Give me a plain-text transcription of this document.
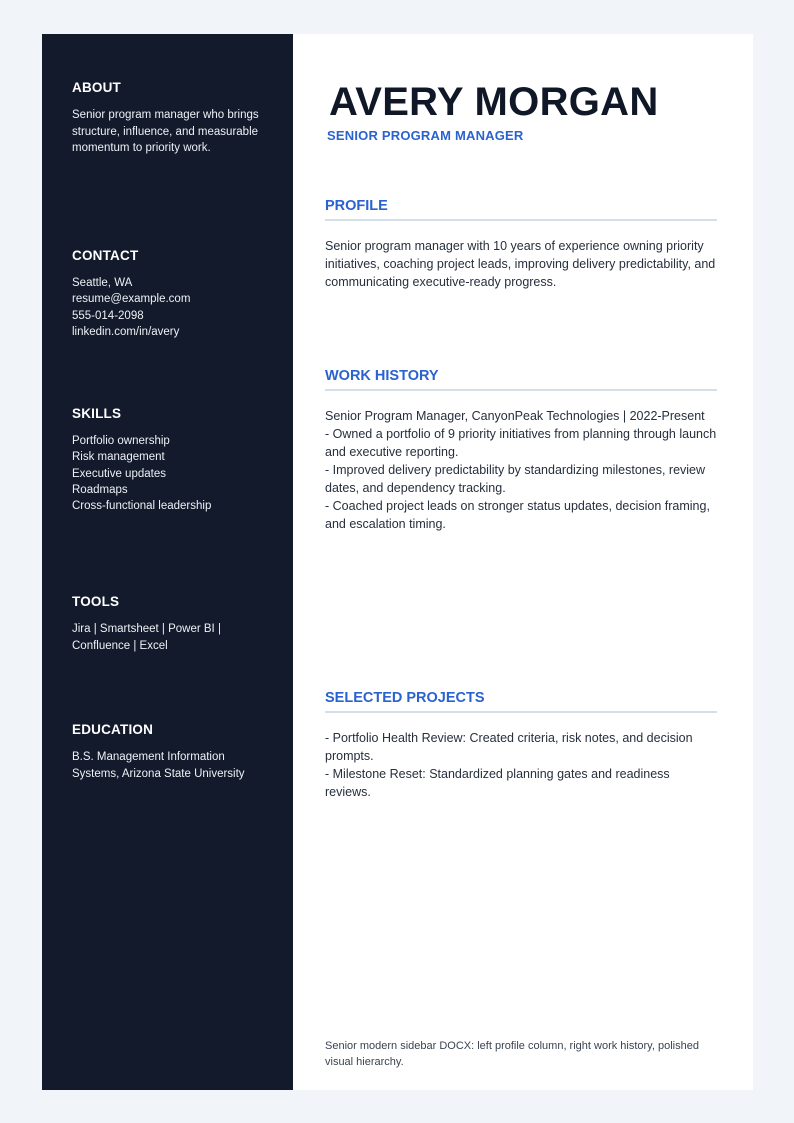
ABOUT
Senior program manager who brings structure, influence, and measurable momentum to priority work.
CONTACT
Seattle, WA
resume@example.com
555-014-2098
linkedin.com/in/avery
SKILLS
Portfolio ownership
Risk management
Executive updates
Roadmaps
Cross-functional leadership
TOOLS
Jira | Smartsheet | Power BI | Confluence | Excel
EDUCATION
B.S. Management Information Systems, Arizona State University
AVERY MORGAN
SENIOR PROGRAM MANAGER
PROFILE
Senior program manager with 10 years of experience owning priority initiatives, coaching project leads, improving delivery predictability, and communicating executive-ready progress.
WORK HISTORY
Senior Program Manager, CanyonPeak Technologies | 2022-Present
- Owned a portfolio of 9 priority initiatives from planning through launch and executive reporting.
- Improved delivery predictability by standardizing milestones, review dates, and dependency tracking.
- Coached project leads on stronger status updates, decision framing, and escalation timing.
SELECTED PROJECTS
- Portfolio Health Review: Created criteria, risk notes, and decision prompts.
- Milestone Reset: Standardized planning gates and readiness reviews.
Senior modern sidebar DOCX: left profile column, right work history, polished visual hierarchy.
